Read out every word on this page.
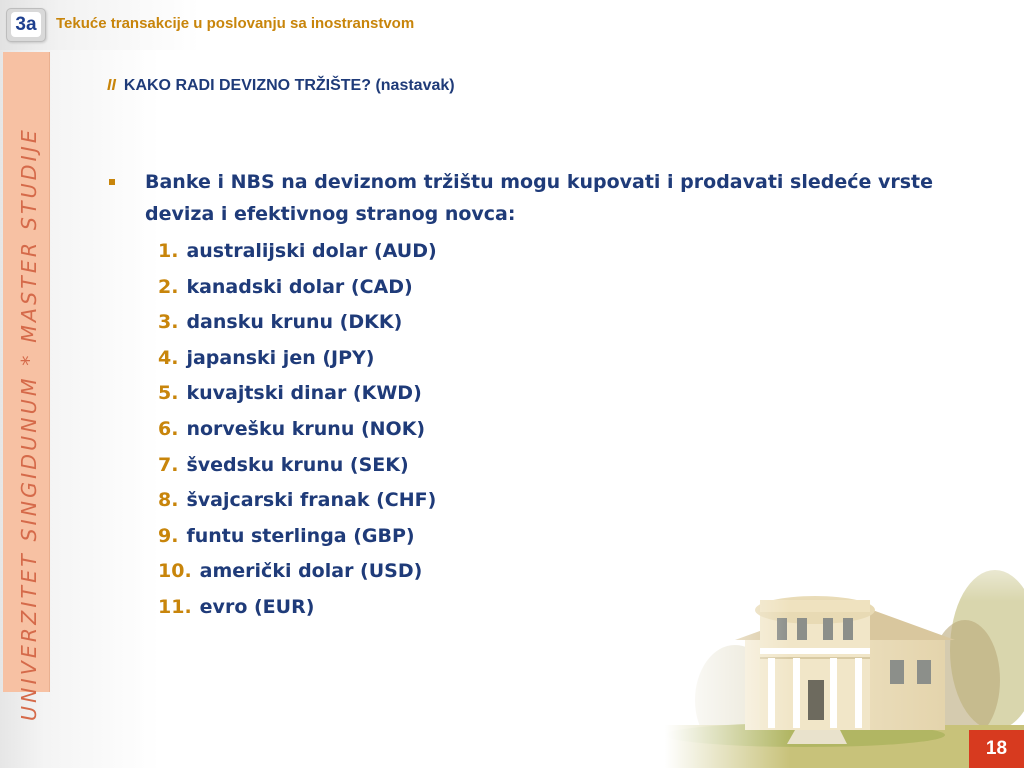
3a Tekuće transakcije u poslovanju sa inostranstvom
UNIVERZITET SINGIDUNUM * MASTER STUDIJE
II KAKO RADI DEVIZNO TRŽIŠTE? (nastavak)
Banke i NBS na deviznom tržištu mogu kupovati i prodavati sledeće vrste deviza i efektivnog stranog novca:
1. australijski dolar (AUD)
2. kanadski dolar (CAD)
3. dansku krunu (DKK)
4. japanski jen (JPY)
5. kuvajtski dinar (KWD)
6. norvešku krunu (NOK)
7. švedsku krunu (SEK)
8. švajcarski franak (CHF)
9. funtu sterlinga (GBP)
10. američki dolar (USD)
11. evro (EUR)
18
